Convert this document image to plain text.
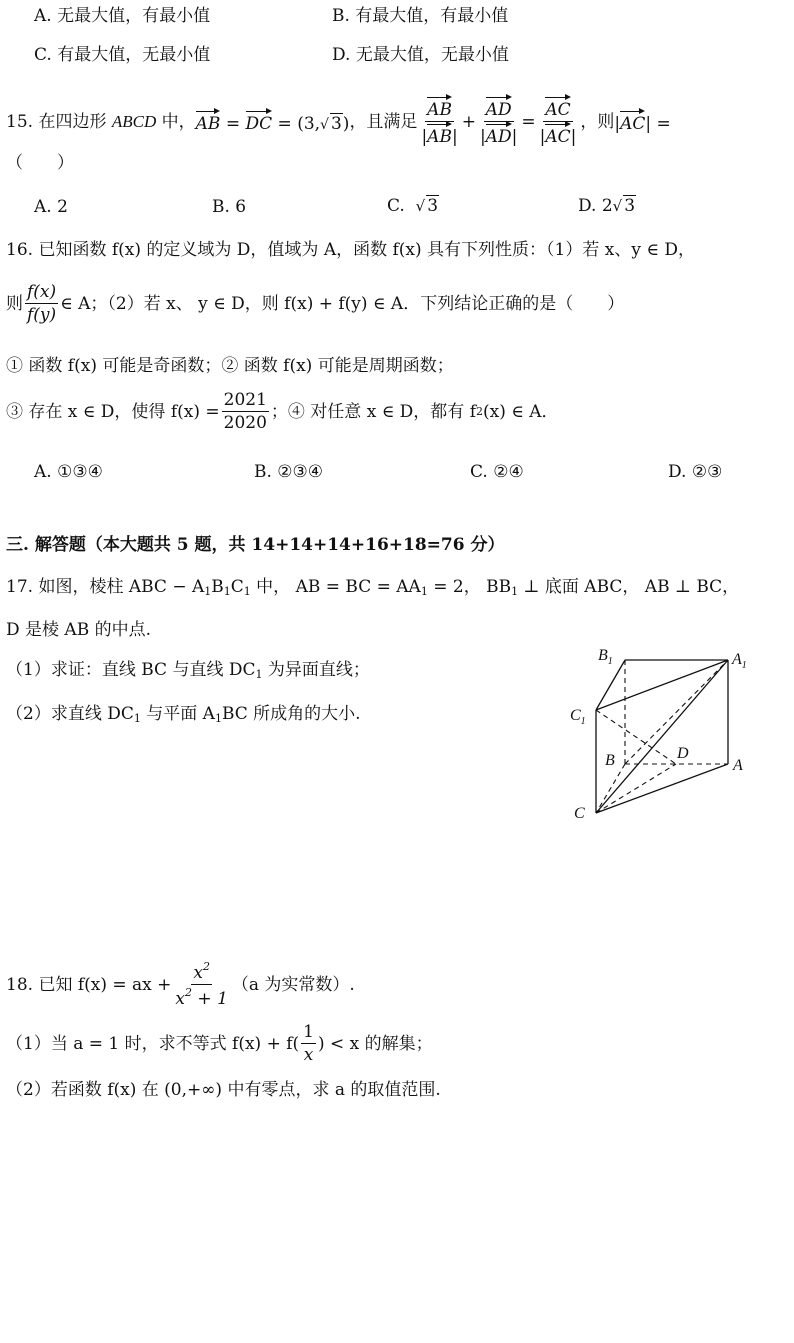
A. 无最大值，有最小值	B. 有最大值，有最小值
C. 有最大值，无最小值	D. 无最大值，无最小值
15.
在四边形
ABCD
中， AB = DC = (3,√ 3) ，且满足 $\frac{AB}{|AB|} + \frac{AD}{|AD|} = \frac{AC}{|AC|}$ ，则 |AC| =
（　　）
A. 2	B. 6	C. √ 3	D. 2√ 3
16. 已知函数 f(x) 的定义域为 D，值域为 A，函数 f(x) 具有下列性质：（1）若 x、y ∈ D，
则 $\frac{f(x)}{f(y)}$ ∈ A；（2）若 x、 y ∈ D，则 f(x) + f(y) ∈ A．下列结论正确的是（　　）
① 函数 f(x) 可能是奇函数；② 函数 f(x) 可能是周期函数；
③ 存在 x ∈ D，使得 $f(x) = \frac{2021}{2020}$ ；④ 对任意 x ∈ D，都有 f 2 (x) ∈ A．
A. ①③④	B. ②③④	C. ②④	D. ②③
三. 解答题（本大题共 5 题，共 14+14+14+16+18=76 分）
17. 如图，棱柱 ABC − $A_1B_1C_1$ 中， AB = BC = $AA_1 = 2$， $BB_1$ ⊥ 底面 ABC， AB ⊥ BC，
D 是棱 AB 的中点.
（1）求证：直线 BC 与直线 $DC_1$ 为异面直线；
（2）求直线 $DC_1$ 与平面 $A_1BC$ 所成角的大小.
$B_1$	$A_1$
$C_1$
B	D
A
C
18. 已知 f(x) = ax + $\frac{x^2}{x^2 + 1} (a$ 为实常数）.
（1）当 a = 1 时，求不等式 $f(x) + f( \frac{1}{x}$ ) < x 的解集；
（2）若函数 f(x) 在 (0,+∞) 中有零点，求 a 的取值范围.
